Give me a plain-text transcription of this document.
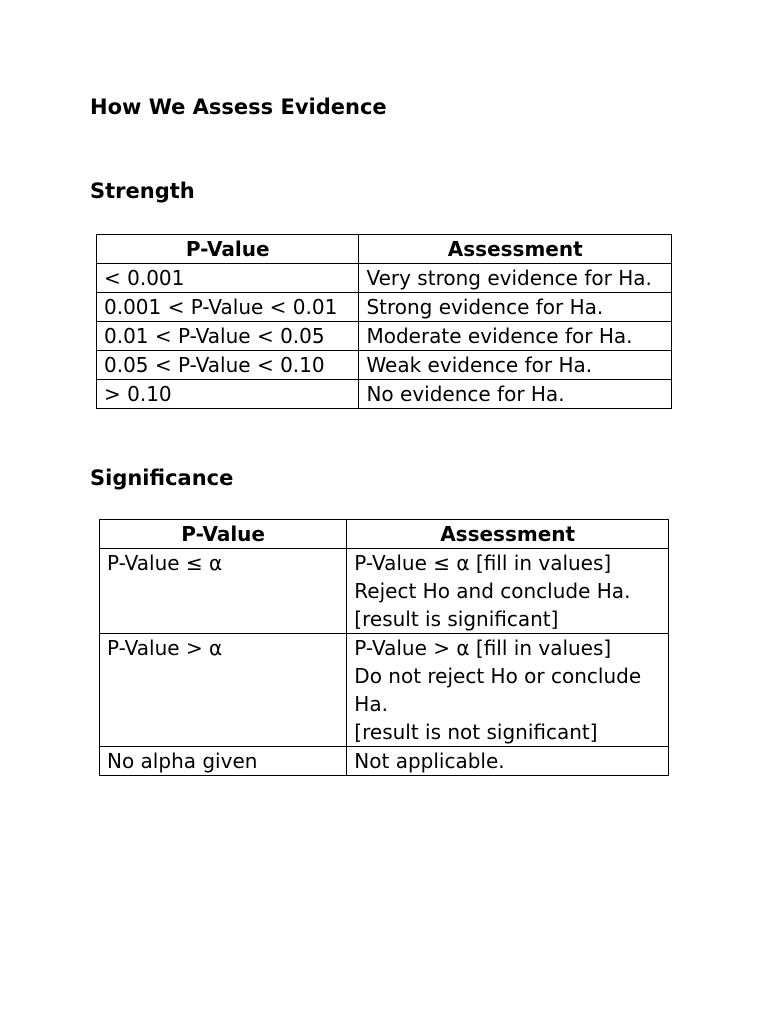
How We Assess Evidence
Strength
P-Value	Assessment
< 0.001	Very strong evidence for Ha.
0.001 < P-Value < 0.01	Strong evidence for Ha.
0.01 < P-Value < 0.05	Moderate evidence for Ha.
0.05 < P-Value < 0.10	Weak evidence for Ha.
> 0.10	No evidence for Ha.
Significance
P-Value	Assessment
P-Value ≤ α	P-Value ≤ α [fill in values]
Reject Ho and conclude Ha.
[result is significant]

P-Value > α	P-Value > α [fill in values]
Do not reject Ho or conclude Ha.
[result is not significant]

No alpha given	Not applicable.
